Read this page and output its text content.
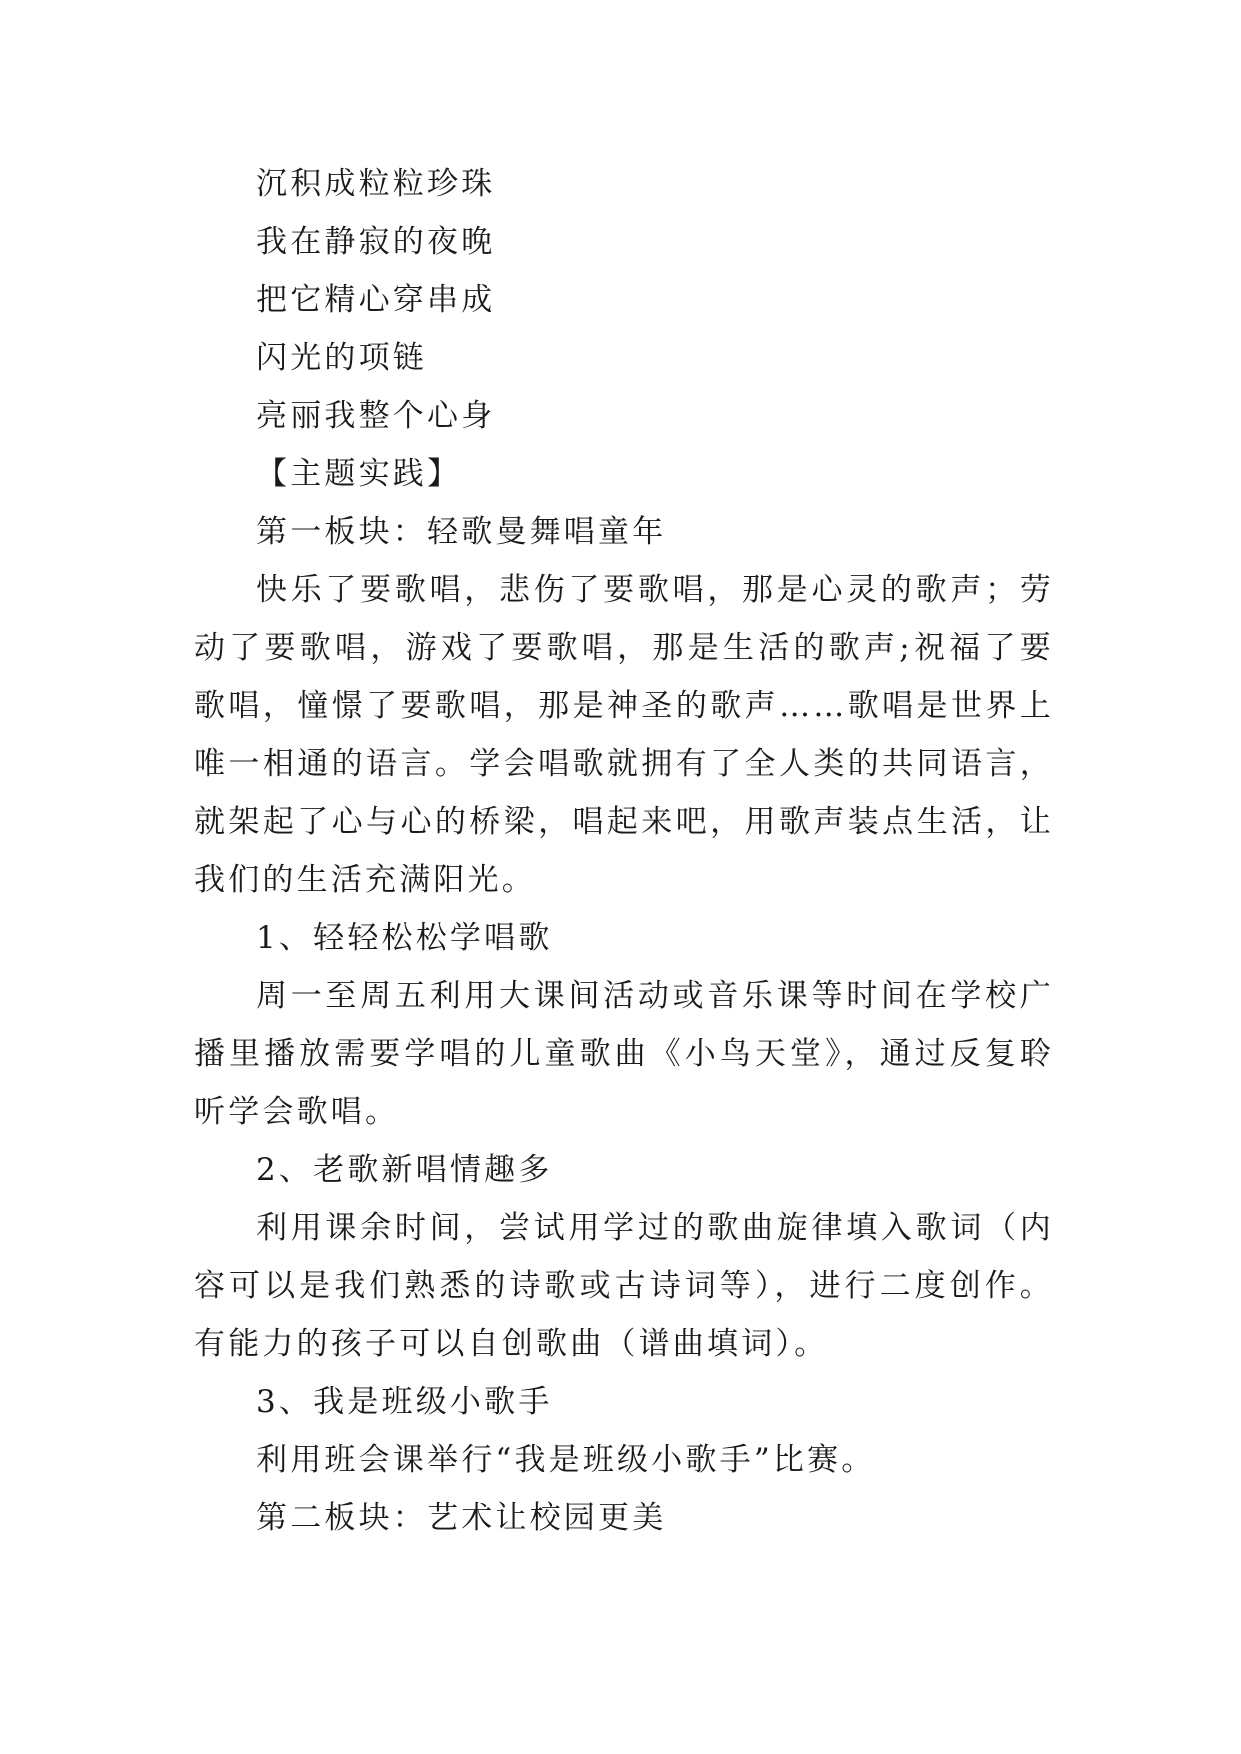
沉积成粒粒珍珠
我在静寂的夜晚
把它精心穿串成
闪光的项链
亮丽我整个心身
【主题实践】
第一板块：轻歌曼舞唱童年

快乐了要歌唱，悲伤了要歌唱，那是心灵的歌声；劳动了要歌唱，游戏了要歌唱，那是生活的歌声;祝福了要歌唱，憧憬了要歌唱，那是神圣的歌声……歌唱是世界上唯一相通的语言。学会唱歌就拥有了全人类的共同语言，就架起了心与心的桥梁，唱起来吧，用歌声装点生活，让我们的生活充满阳光。

1、轻轻松松学唱歌

周一至周五利用大课间活动或音乐课等时间在学校广播里播放需要学唱的儿童歌曲《小鸟天堂》，通过反复聆听学会歌唱。

2、老歌新唱情趣多

利用课余时间，尝试用学过的歌曲旋律填入歌词（内容可以是我们熟悉的诗歌或古诗词等），进行二度创作。有能力的孩子可以自创歌曲（谱曲填词）。

3、我是班级小歌手

利用班会课举行“我是班级小歌手”比赛。

第二板块：艺术让校园更美
